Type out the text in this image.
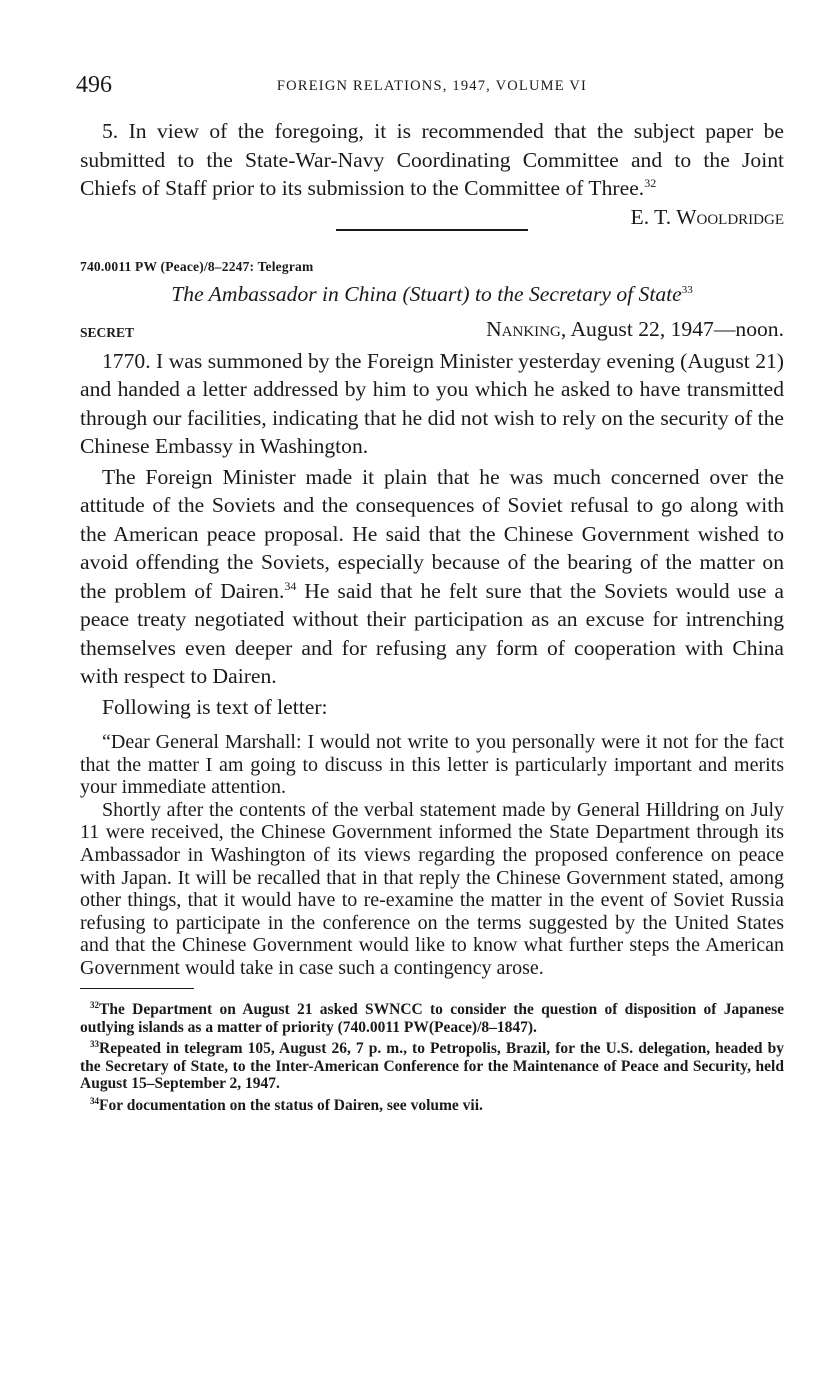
496	FOREIGN RELATIONS, 1947, VOLUME VI

5. In view of the foregoing, it is recommended that the subject paper be submitted to the State-War-Navy Coordinating Committee and to the Joint Chiefs of Staff prior to its submission to the Committee of Three.$^{32}$
E. T. Wooldridge

740.0011 PW (Peace)/8–2247: Telegram

The Ambassador in China (Stuart) to the Secretary of State$^{33}$
SECRET	Nanking, August 22, 1947—noon.

1770. I was summoned by the Foreign Minister yesterday evening (August 21) and handed a letter addressed by him to you which he asked to have transmitted through our facilities, indicating that he did not wish to rely on the security of the Chinese Embassy in Washington.

The Foreign Minister made it plain that he was much concerned over the attitude of the Soviets and the consequences of Soviet refusal to go along with the American peace proposal. He said that the Chinese Government wished to avoid offending the Soviets, especially because of the bearing of the matter on the problem of Dairen.$^{34}$ He said that he felt sure that the Soviets would use a peace treaty negotiated without their participation as an excuse for intrenching themselves even deeper and for refusing any form of cooperation with China with respect to Dairen.

Following is text of letter:

“Dear General Marshall: I would not write to you personally were it not for the fact that the matter I am going to discuss in this letter is particularly important and merits your immediate attention.

Shortly after the contents of the verbal statement made by General Hilldring on July 11 were received, the Chinese Government informed the State Department through its Ambassador in Washington of its views regarding the proposed conference on peace with Japan. It will be recalled that in that reply the Chinese Government stated, among other things, that it would have to re-examine the matter in the event of Soviet Russia refusing to participate in the conference on the terms suggested by the United States and that the Chinese Government would like to know what further steps the American Government would take in case such a contingency arose.

$^{32}$The Department on August 21 asked SWNCC to consider the question of disposition of Japanese outlying islands as a matter of priority (740.0011 PW(Peace)/8–1847).

$^{33}$Repeated in telegram 105, August 26, 7 p. m., to Petropolis, Brazil, for the U.S. delegation, headed by the Secretary of State, to the Inter-American Conference for the Maintenance of Peace and Security, held August 15–September 2, 1947.

$^{34}$For documentation on the status of Dairen, see volume vii.
